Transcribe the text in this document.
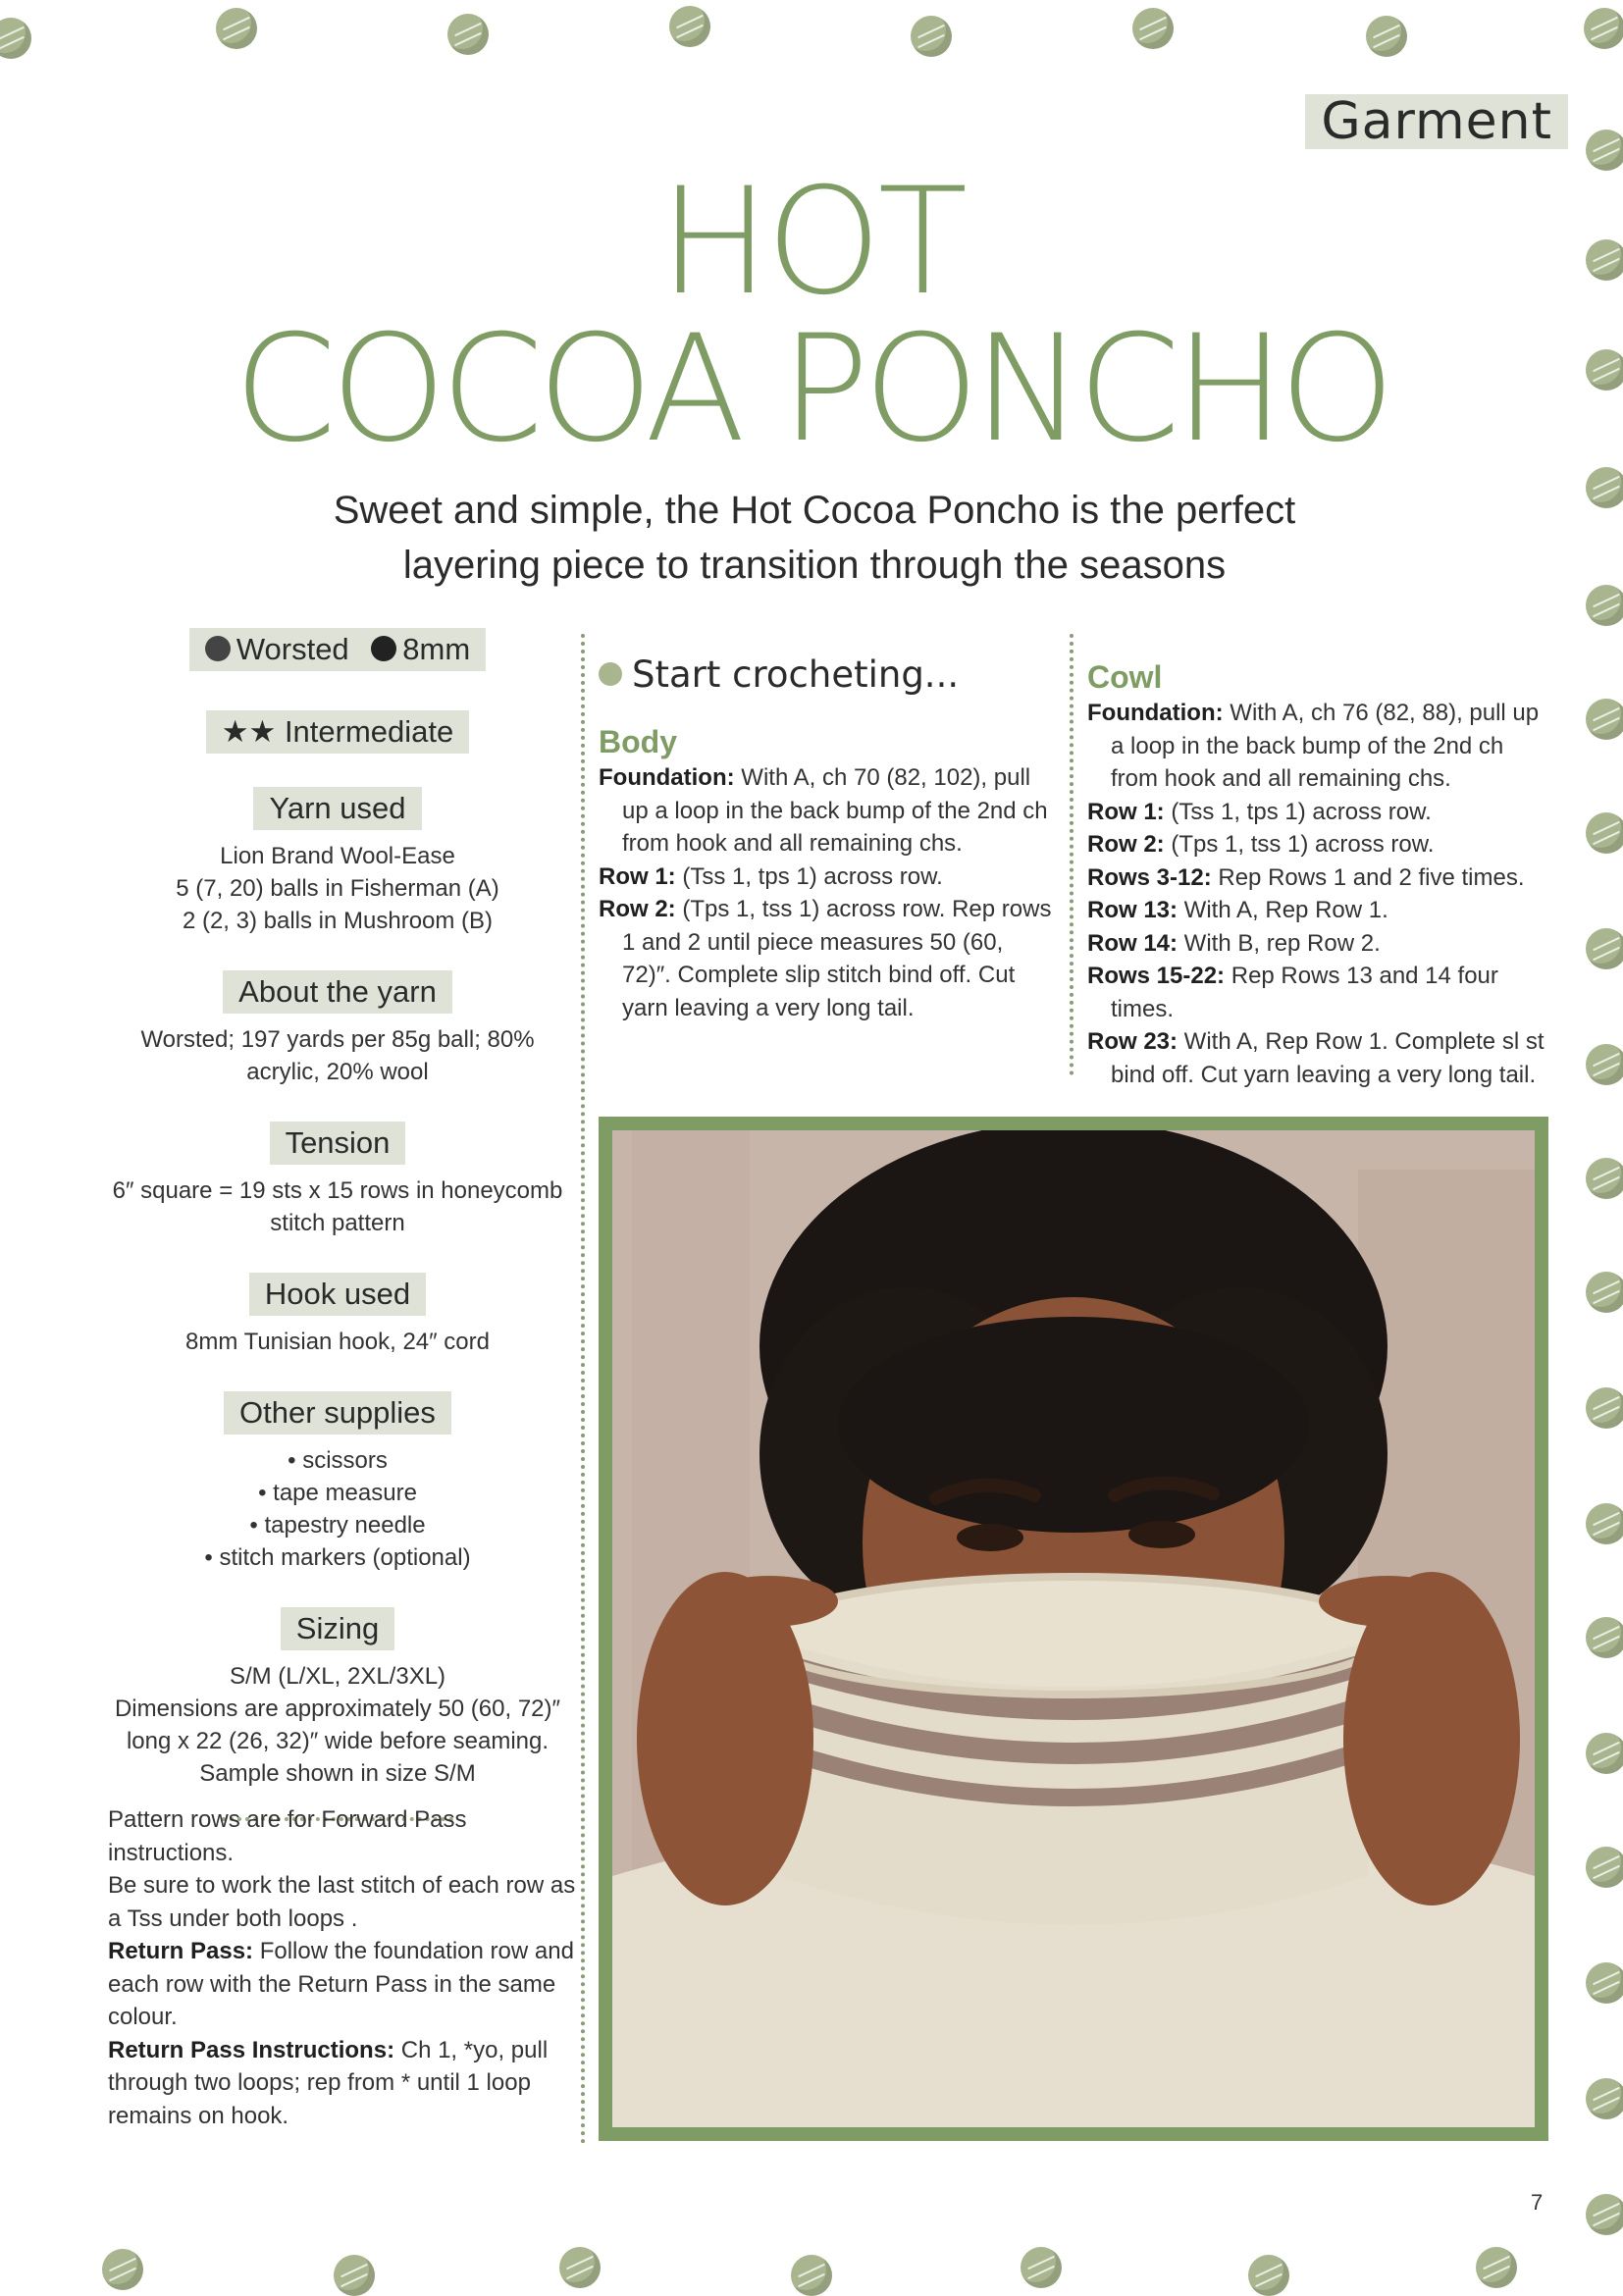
Garment
HOT
COCOA PONCHO
Sweet and simple, the Hot Cocoa Poncho is the perfect
layering piece to transition through the seasons
Worsted 8mm
★★ Intermediate
Yarn used
Lion Brand Wool-Ease
5 (7, 20) balls in Fisherman (A)
2 (2, 3) balls in Mushroom (B)
About the yarn
Worsted; 197 yards per 85g ball; 80%
acrylic, 20% wool
Tension
6″ square = 19 sts x 15 rows in honeycomb
stitch pattern
Hook used
8mm Tunisian hook, 24″ cord
Other supplies
• scissors
• tape measure
• tapestry needle
• stitch markers (optional)
Sizing
S/M (L/XL, 2XL/3XL)
Dimensions are approximately 50 (60, 72)″
long x 22 (26, 32)″ wide before seaming.
Sample shown in size S/M
Pattern rows are for Forward Pass
instructions.
Be sure to work the last stitch of each row as a Tss under both loops .
Return Pass: Follow the foundation row and each row with the Return Pass in the same colour.
Return Pass Instructions: Ch 1, *yo, pull through two loops; rep from * until 1 loop remains on hook.
Start crocheting...
Body
Foundation: With A, ch 70 (82, 102), pull up a loop in the back bump of the 2nd ch from hook and all remaining chs.
Row 1: (Tss 1, tps 1) across row.
Row 2: (Tps 1, tss 1) across row. Rep rows 1 and 2 until piece measures 50 (60, 72)″. Complete slip stitch bind off. Cut yarn leaving a very long tail.
Cowl
Foundation: With A, ch 76 (82, 88), pull up a loop in the back bump of the 2nd ch from hook and all remaining chs.
Row 1: (Tss 1, tps 1) across row.
Row 2: (Tps 1, tss 1) across row.
Rows 3-12: Rep Rows 1 and 2 five times.
Row 13: With A, Rep Row 1.
Row 14: With B, rep Row 2.
Rows 15-22: Rep Rows 13 and 14 four times.
Row 23: With A, Rep Row 1. Complete sl st bind off. Cut yarn leaving a very long tail.
7
